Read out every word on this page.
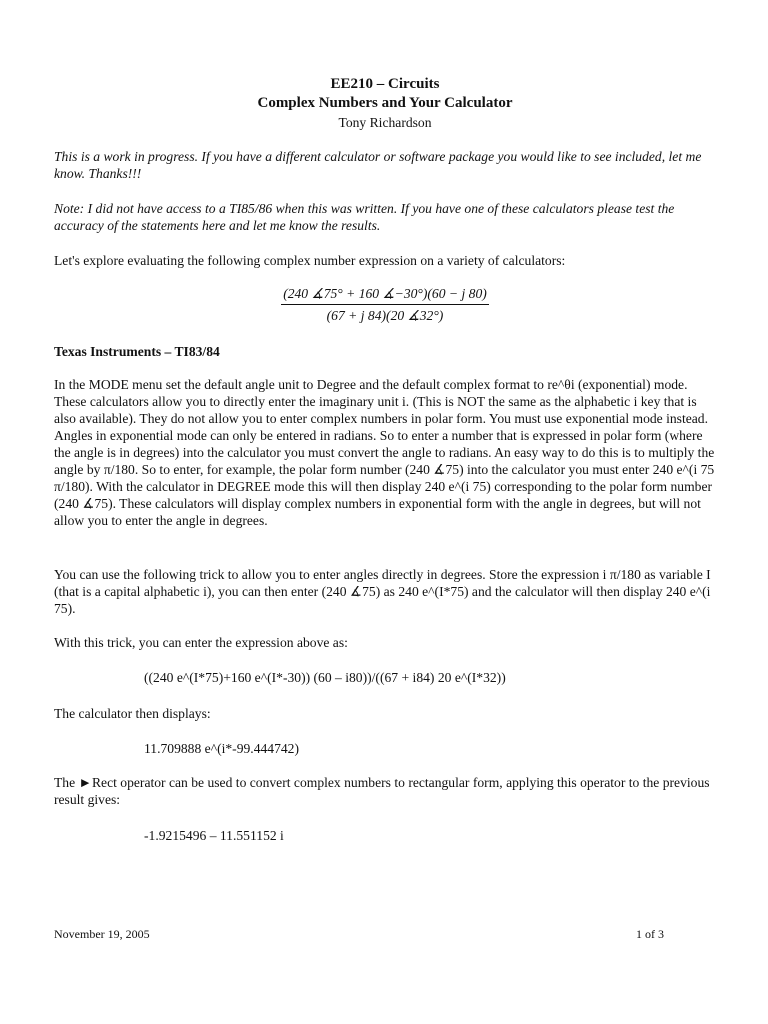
EE210 – Circuits
Complex Numbers and Your Calculator
Tony Richardson

This is a work in progress. If you have a different calculator or software package you would like to see included, let me know. Thanks!!!

Note: I did not have access to a TI85/86 when this was written. If you have one of these calculators please test the accuracy of the statements here and let me know the results.

Let's explore evaluating the following complex number expression on a variety of calculators:

$\frac{(240 ∡75^\circ + 160 ∡-30^\circ)(60 - j 80)}{(67 + j 84)(20 ∡32^\circ)}$
Texas Instruments – TI83/84

In the MODE menu set the default angle unit to Degree and the default complex format to re^θi (exponential) mode. These calculators allow you to directly enter the imaginary unit i. (This is NOT the same as the alphabetic i key that is also available). They do not allow you to enter complex numbers in polar form. You must use exponential mode instead. Angles in exponential mode can only be entered in radians. So to enter a number that is expressed in polar form (where the angle is in degrees) into the calculator you must convert the angle to radians. An easy way to do this is to multiply the angle by π/180. So to enter, for example, the polar form number (240 ∡75) into the calculator you must enter 240 e^(i 75 π/180). With the calculator in DEGREE mode this will then display 240 e^(i 75) corresponding to the polar form number (240 ∡75). These calculators will display complex numbers in exponential form with the angle in degrees, but will not allow you to enter the angle in degrees.

You can use the following trick to allow you to enter angles directly in degrees. Store the expression i π/180 as variable I (that is a capital alphabetic i), you can then enter (240 ∡75) as 240 e^(I*75) and the calculator will then display 240 e^(i 75).

With this trick, you can enter the expression above as:

((240 e^(I*75)+160 e^(I*-30)) (60 – i80))/((67 + i84) 20 e^(I*32))

The calculator then displays:

11.709888 e^(i*-99.444742)

The ►Rect operator can be used to convert complex numbers to rectangular form, applying this operator to the previous result gives:

-1.9215496 – 11.551152 i

November 19, 2005	1 of 3
